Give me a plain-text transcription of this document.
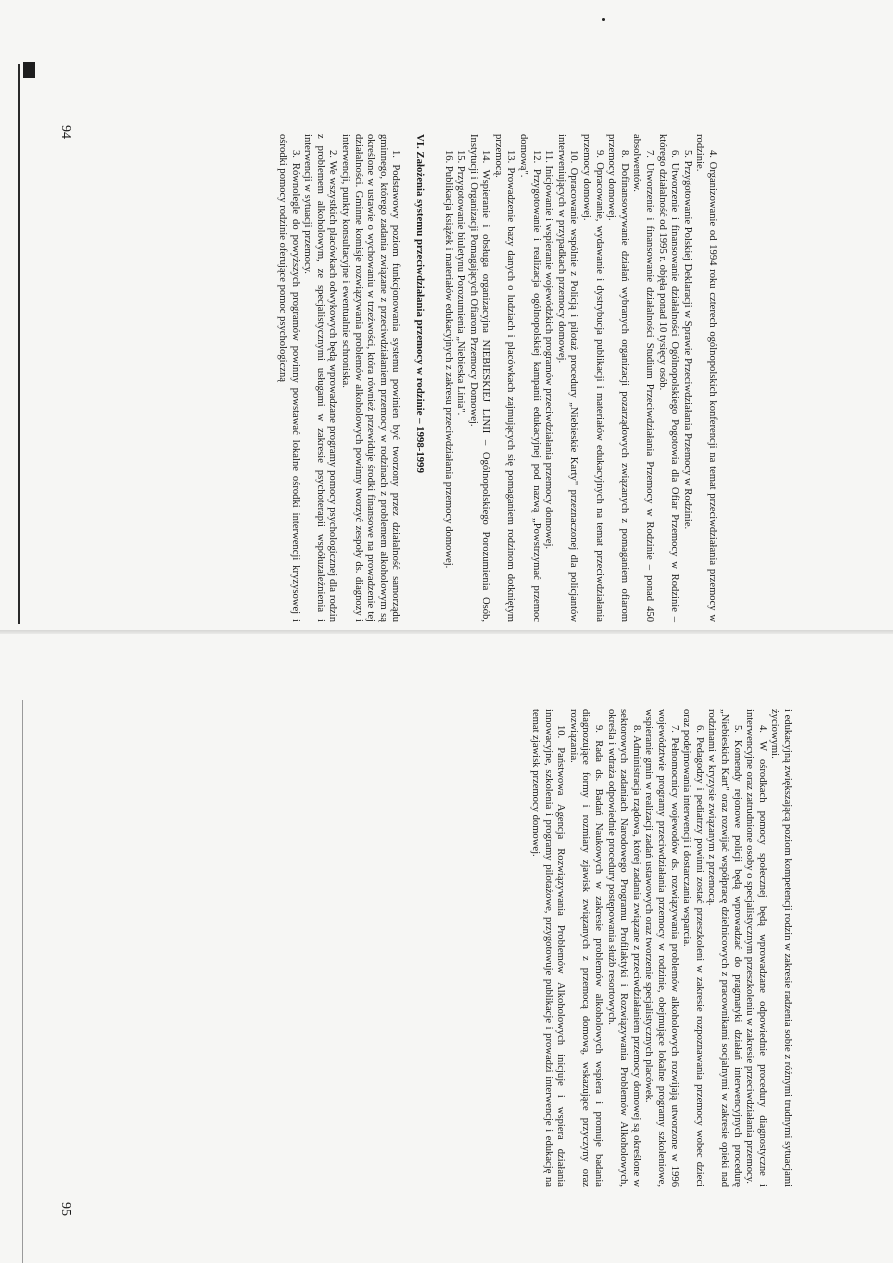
4. Organizowanie od 1994 roku czterech ogólnopolskich konferencji na temat przeciwdziałania przemocy w rodzinie.

5. Przygotowanie Polskiej Deklaracji w Sprawie Przeciwdziałania Przemocy w Rodzinie.

6. Utworzenie i finansowanie działalności Ogólnopolskiego Pogotowia dla Ofiar Przemocy w Rodzinie – którego działalność od 1995 r. objęła ponad 10 tysięcy osób.

7. Utworzenie i finansowanie działalności Studium Przeciwdziałania Przemocy w Rodzinie – ponad 450 absolwentów.

8. Dofinansowywanie działań wybranych organizacji pozarządowych związanych z pomaganiem ofiarom przemocy domowej.

9. Opracowanie, wydawanie i dystrybucja publikacji i materiałów edukacyjnych na temat przeciwdziałania przemocy domowej.

10. Opracowanie wspólnie z Policją i pilotaż procedury „Niebieskie Karty" przeznaczonej dla policjantów interweniujących w przypadkach przemocy domowej.

11. Inicjowanie i wspieranie wojewódzkich programów przeciwdziałania przemocy domowej.

12. Przygotowanie i realizacja ogólnopolskiej kampanii edukacyjnej pod nazwą „Powstrzymać przemoc domową".

13. Prowadzenie bazy danych o ludziach i placówkach zajmujących się pomaganiem rodzinom dotkniętym przemocą.

14. Wspieranie i obsługa organizacyjna NIEBIESKIEJ LINII – Ogólnopolskiego Porozumienia Osób, Instytucji i Organizacji Pomagających Ofiarom Przemocy Domowej.

15. Przygotowanie biuletynu Porozumienia „Niebieska Linia".

16. Publikacja książek i materiałów edukacyjnych z zakresu przeciwdziałania przemocy domowej.

VI. Założenia systemu przeciwdziałania przemocy w rodzinie – 1998-1999

1. Podstawowy poziom funkcjonowania systemu powinien być tworzony przez działalność samorządu gminnego, którego zadania związane z przeciwdziałaniem przemocy w rodzinach z problemem alkoholowym są określone w ustawie o wychowaniu w trzeźwości, która również przewiduje środki finansowe na prowadzenie tej działalności. Gminne komisje rozwiązywania problemów alkoholowych powinny tworzyć zespoły ds. diagnozy i interwencji, punkty konsultacyjne i ewentualnie schroniska.

2. We wszystkich placówkach odwykowych będą wprowadzane programy pomocy psychologicznej dla rodzin z problemem alkoholowym, ze specjalistycznymi usługami w zakresie psychoterapii współuzależnienia i interwencji w sytuacji przemocy.

3. Równolegle do powyższych programów powinny powstawać lokalne ośrodki interwencji kryzysowej i ośrodki pomocy rodzinie oferujące pomoc psychologiczną

94

i edukacyjną zwiększającą poziom kompetencji rodzin w zakresie radzenia sobie z różnymi trudnymi sytuacjami życiowymi.

4. W ośrodkach pomocy społecznej będą wprowadzane odpowiednie procedury diagnostyczne i interwencyjne oraz zatrudnione osoby o specjalistycznym przeszkoleniu w zakresie przeciwdziałania przemocy.

5. Komendy rejonowe policji będą wprowadzać do pragmatyki działań interwencyjnych procedurę „Niebieskich Kart" oraz rozwijać współpracę dzielnicowych z pracownikami socjalnymi w zakresie opieki nad rodzinami w kryzysie związanym z przemocą.

6. Pedagodzy i pediatrzy powinni zostać przeszkoleni w zakresie rozpoznawania przemocy wobec dzieci oraz podejmowania interwencji i dostarczania wsparcia.

7. Pełnomocnicy wojewodów ds. rozwiązywania problemów alkoholowych rozwijają utworzone w 1996 województwie programy przeciwdziałania przemocy w rodzinie, obejmujące lokalne programy szkoleniowe, wspieranie gmin w realizacji zadań ustawowych oraz tworzenie specjalistycznych placówek.

8. Administracja rządowa, której zadania związane z przeciwdziałaniem przemocy domowej są określone w sektorowych zadaniach Narodowego Programu Profilaktyki i Rozwiązywania Problemów Alkoholowych, określa i wdraża odpowiednie procedury postępowania służb resortowych.

9. Rada ds. Badań Naukowych w zakresie problemów alkoholowych wspiera i promuje badania diagnozujące formy i rozmiary zjawisk związanych z przemocą domową, wskazujące przyczyny oraz rozwiązania.

10. Państwowa Agencja Rozwiązywania Problemów Alkoholowych inicjuje i wspiera działania innowacyjne, szkolenia i programy pilotażowe, przygotowuje publikacje i prowadzi interwencje i edukację na temat zjawisk przemocy domowej.

95
